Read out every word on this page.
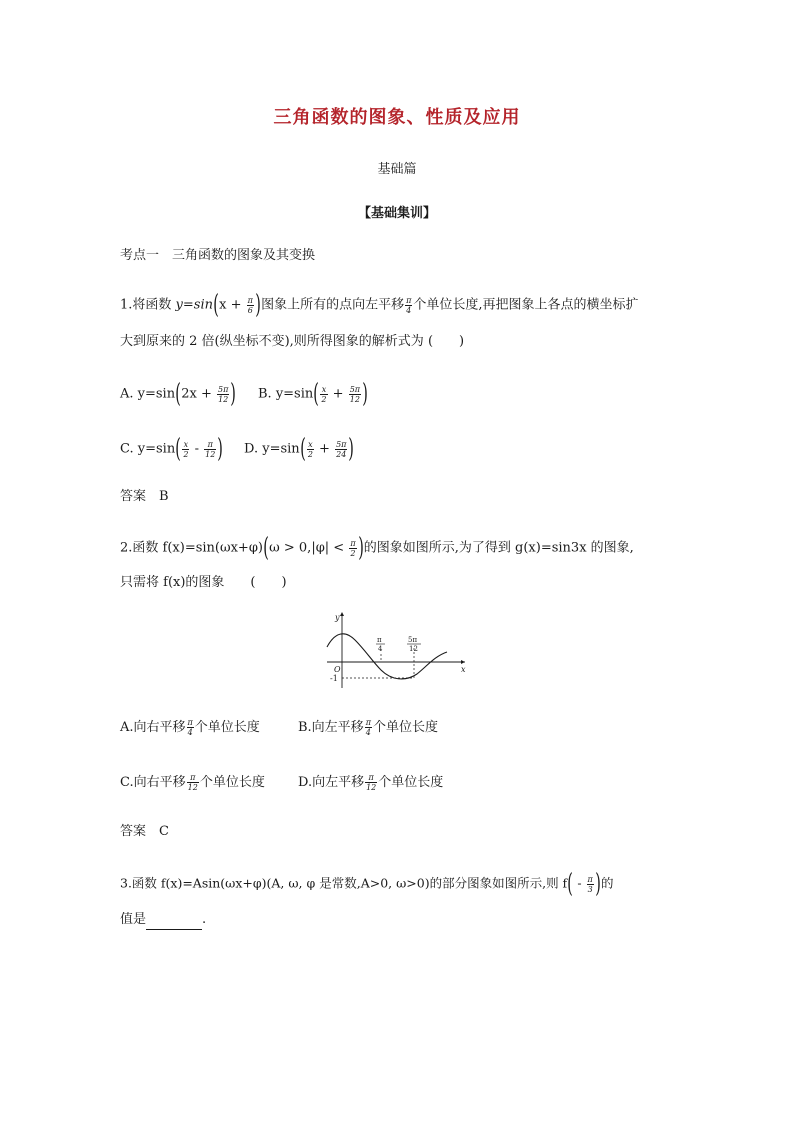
三角函数的图象、性质及应用
基础篇
【基础集训】
考点一　三角函数的图象及其变换
1.将函数 $y=\sin(x + \frac{\pi}{6}$ )图象上所有的点向左平移 $\frac{\pi}{4}$ 个单位长度,再把图象上各点的横坐标扩
大到原来的 2 倍(纵坐标不变),则所得图象的解析式为 (　　)
A. $y=\sin(2x + \frac{5\pi}{12}$ ) B. $y=\sin( \frac{x}{2} + \frac{5\pi}{12}$ )
C. $y=\sin( \frac{x}{2} - \frac{\pi}{12}$ ) D. $y=\sin( \frac{x}{2} + \frac{5\pi}{24}$ )
答案　B
2.函数 $f(x)=\sin(\omega x+\varphi)(\omega > 0,|\varphi| < \frac{\pi}{2}$ )的图象如图所示,为了得到 g(x)=sin3x 的图象,
只需将 f(x)的图象　　(　　)
y
x
O
-1
π
4
5π
12
A.向右平移 $\frac{\pi}{4}$ 个单位长度	B.向左平移 $\frac{\pi}{4}$ 个单位长度
C.向右平移 $\frac{\pi}{12}$ 个单位长度	D.向左平移 $\frac{\pi}{12}$ 个单位长度
答案　C
3.函数 f(x)=Asin(ωx+φ)(A, ω, φ 是常数,A>0, ω>0)的部分图象如图所示,则 $f( - \frac{\pi}{3}$ )的
值是	.
